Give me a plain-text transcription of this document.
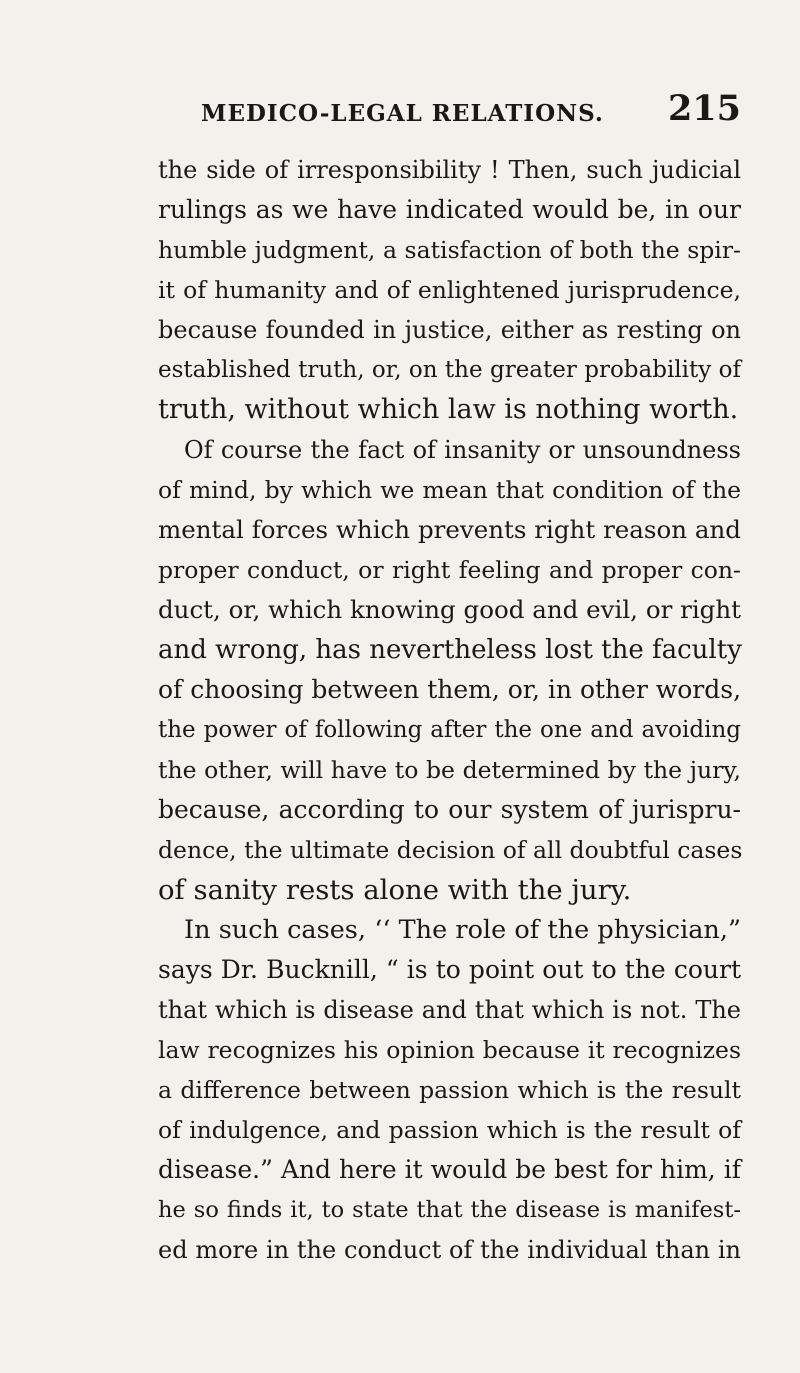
MEDICO-LEGAL RELATIONS. 215
the side of irresponsibility ! Then, such judicial
rulings as we have indicated would be, in our
humble judgment, a satisfaction of both the spir-
it of humanity and of enlightened jurisprudence,
because founded in justice, either as resting on
established truth, or, on the greater probability of
truth, without which law is nothing worth.
Of course the fact of insanity or unsoundness
of mind, by which we mean that condition of the
mental forces which prevents right reason and
proper conduct, or right feeling and proper con-
duct, or, which knowing good and evil, or right
and wrong, has nevertheless lost the faculty
of choosing between them, or, in other words,
the power of following after the one and avoiding
the other, will have to be determined by the jury,
because, according to our system of jurispru-
dence, the ultimate decision of all doubtful cases
of sanity rests alone with the jury.
In such cases, ‘‘ The role of the physician,”
says Dr. Bucknill, “ is to point out to the court
that which is disease and that which is not. The
law recognizes his opinion because it recognizes
a difference between passion which is the result
of indulgence, and passion which is the result of
disease.” And here it would be best for him, if
he so finds it, to state that the disease is manifest-
ed more in the conduct of the individual than in
